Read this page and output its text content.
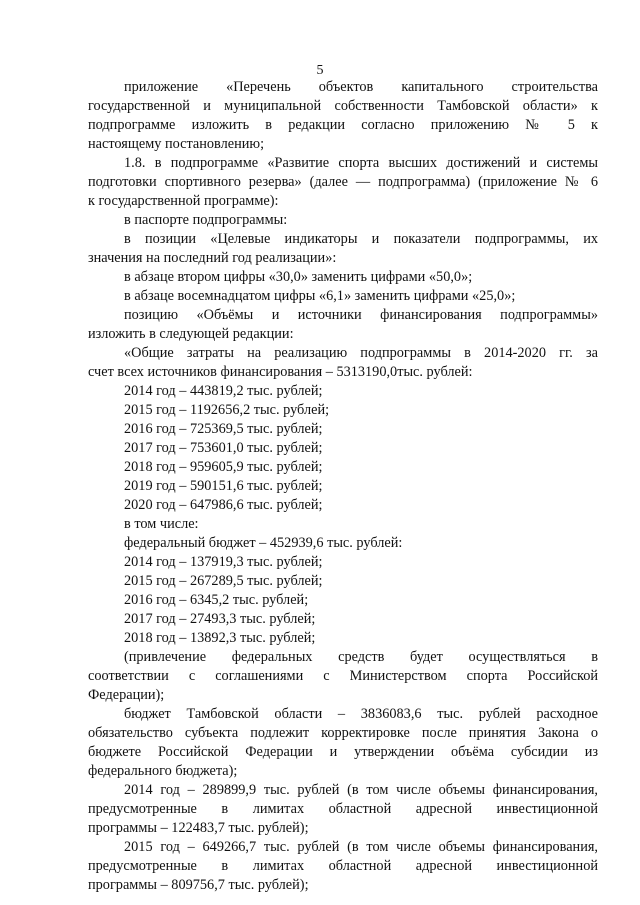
5

приложение «Перечень объектов капитального строительства

государственной и муниципальной собственности Тамбовской области» к

подпрограмме изложить в редакции согласно приложению № 5 к

настоящему постановлению;

1.8. в подпрограмме «Развитие спорта высших достижений и системы

подготовки спортивного резерва» (далее — подпрограмма) (приложение № 6

к государственной программе):

в паспорте подпрограммы:

в позиции «Целевые индикаторы и показатели подпрограммы, их

значения на последний год реализации»:

в абзаце втором цифры «30,0» заменить цифрами «50,0»;

в абзаце восемнадцатом цифры «6,1» заменить цифрами «25,0»;

позицию «Объёмы и источники финансирования подпрограммы»

изложить в следующей редакции:

«Общие затраты на реализацию подпрограммы в 2014-2020 гг. за

счет всех источников финансирования – 5313190,0тыс. рублей:

2014 год – 443819,2 тыс. рублей;

2015 год – 1192656,2 тыс. рублей;

2016 год – 725369,5 тыс. рублей;

2017 год – 753601,0 тыс. рублей;

2018 год – 959605,9 тыс. рублей;

2019 год – 590151,6 тыс. рублей;

2020 год – 647986,6 тыс. рублей;

в том числе:

федеральный бюджет – 452939,6 тыс. рублей:

2014 год – 137919,3 тыс. рублей;

2015 год – 267289,5 тыс. рублей;

2016 год – 6345,2 тыс. рублей;

2017 год – 27493,3 тыс. рублей;

2018 год – 13892,3 тыс. рублей;

(привлечение федеральных средств будет осуществляться в

соответствии с соглашениями с Министерством спорта Российской

Федерации);

бюджет Тамбовской области – 3836083,6 тыс. рублей расходное

обязательство субъекта подлежит корректировке после принятия Закона о

бюджете Российской Федерации и утверждении объёма субсидии из

федерального бюджета);

2014 год – 289899,9 тыс. рублей (в том числе объемы финансирования,

предусмотренные в лимитах областной адресной инвестиционной

программы – 122483,7 тыс. рублей);

2015 год – 649266,7 тыс. рублей (в том числе объемы финансирования,

предусмотренные в лимитах областной адресной инвестиционной

программы – 809756,7 тыс. рублей);
